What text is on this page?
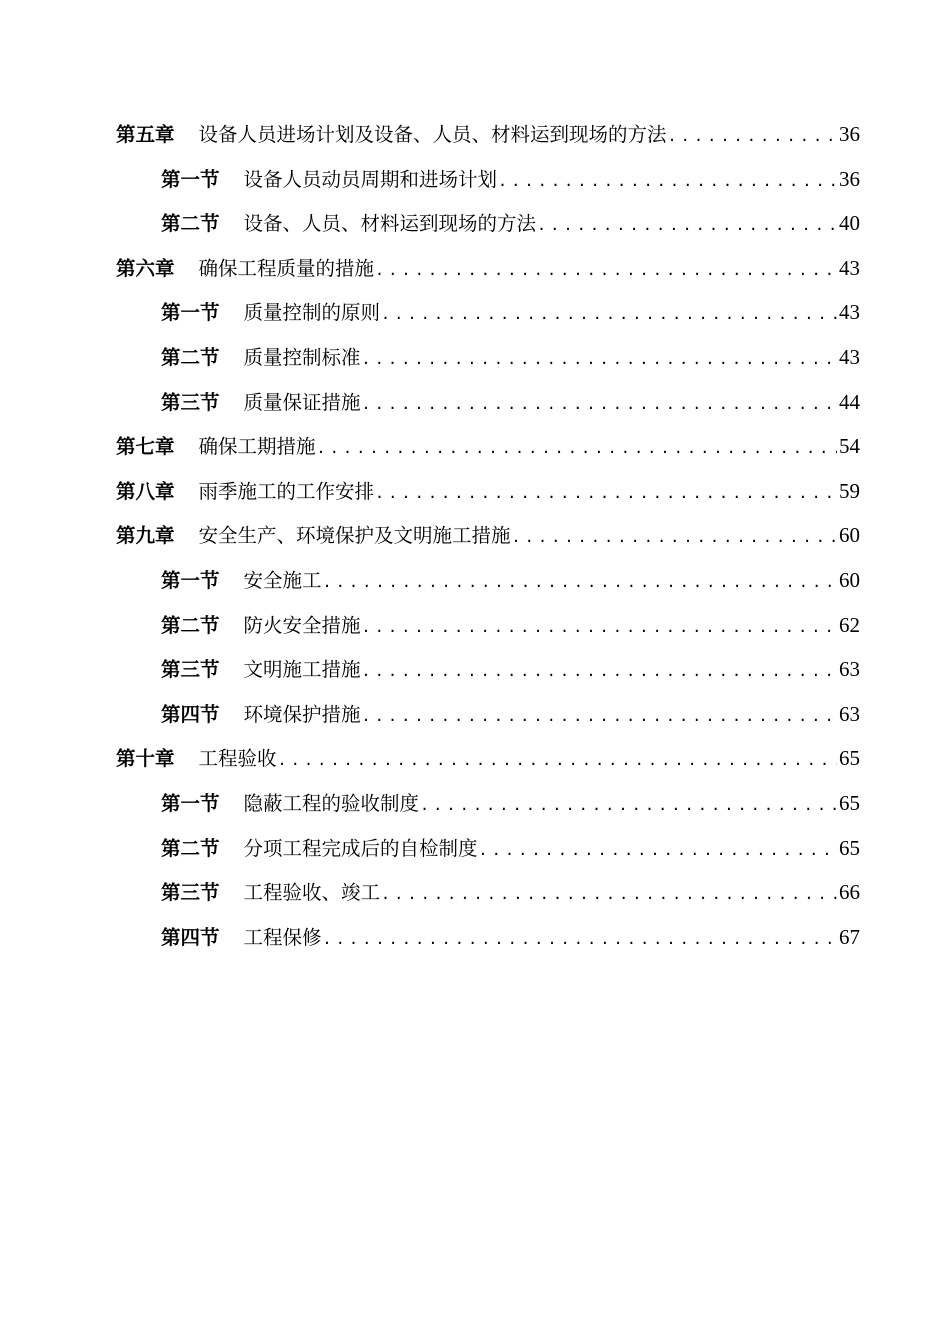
第五章 设备人员进场计划及设备、人员、材料运到现场的方法 .....	36
第一节 设备人员动员周期和进场计划 .....	36
第二节 设备、人员、材料运到现场的方法 .....	40
第六章 确保工程质量的措施 .....	43
第一节 质量控制的原则 .....	43
第二节 质量控制标准 .....	43
第三节 质量保证措施 .....	44
第七章 确保工期措施 .....	54
第八章 雨季施工的工作安排 .....	59
第九章 安全生产、环境保护及文明施工措施 .....	60
第一节 安全施工 .....	60
第二节 防火安全措施 .....	62
第三节 文明施工措施 .....	63
第四节 环境保护措施 .....	63
第十章 工程验收 .....	65
第一节 隐蔽工程的验收制度 .....	65
第二节 分项工程完成后的自检制度 .....	65
第三节 工程验收、竣工 .....	66
第四节 工程保修 .....	67
